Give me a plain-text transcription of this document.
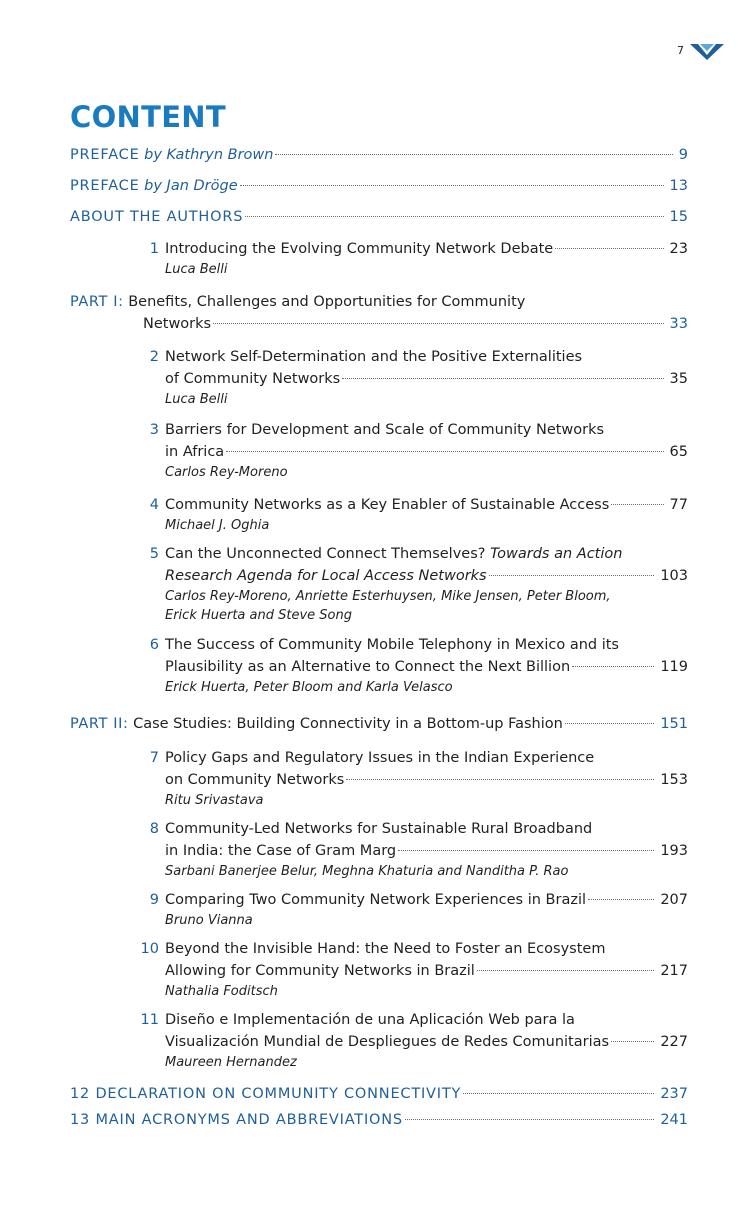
7
CONTENT
PREFACE by Kathryn Brown	9
PREFACE by Jan Dröge	13
ABOUT THE AUTHORS	15
1 Introducing the Evolving Community Network Debate	23
Luca Belli
PART I: Benefits, Challenges and Opportunities for Community
Networks	33
2 Network Self-Determination and the Positive Externalities
of Community Networks	35
Luca Belli
3 Barriers for Development and Scale of Community Networks
in Africa	65
Carlos Rey-Moreno
4 Community Networks as a Key Enabler of Sustainable Access	77
Michael J. Oghia
5 Can the Unconnected Connect Themselves? Towards an Action
Research Agenda for Local Access Networks	103
Carlos Rey-Moreno, Anriette Esterhuysen, Mike Jensen, Peter Bloom,
Erick Huerta and Steve Song
6 The Success of Community Mobile Telephony in Mexico and its
Plausibility as an Alternative to Connect the Next Billion	119
Erick Huerta, Peter Bloom and Karla Velasco
PART II: Case Studies: Building Connectivity in a Bottom-up Fashion	151
7 Policy Gaps and Regulatory Issues in the Indian Experience
on Community Networks	153
Ritu Srivastava
8 Community-Led Networks for Sustainable Rural Broadband
in India: the Case of Gram Marg	193
Sarbani Banerjee Belur, Meghna Khaturia and Nanditha P. Rao
9 Comparing Two Community Network Experiences in Brazil	207
Bruno Vianna
10 Beyond the Invisible Hand: the Need to Foster an Ecosystem
Allowing for Community Networks in Brazil	217
Nathalia Foditsch
11 Diseño e Implementación de una Aplicación Web para la
Visualización Mundial de Despliegues de Redes Comunitarias	227
Maureen Hernandez
12 DECLARATION ON COMMUNITY CONNECTIVITY	237
13 MAIN ACRONYMS AND ABBREVIATIONS	241
